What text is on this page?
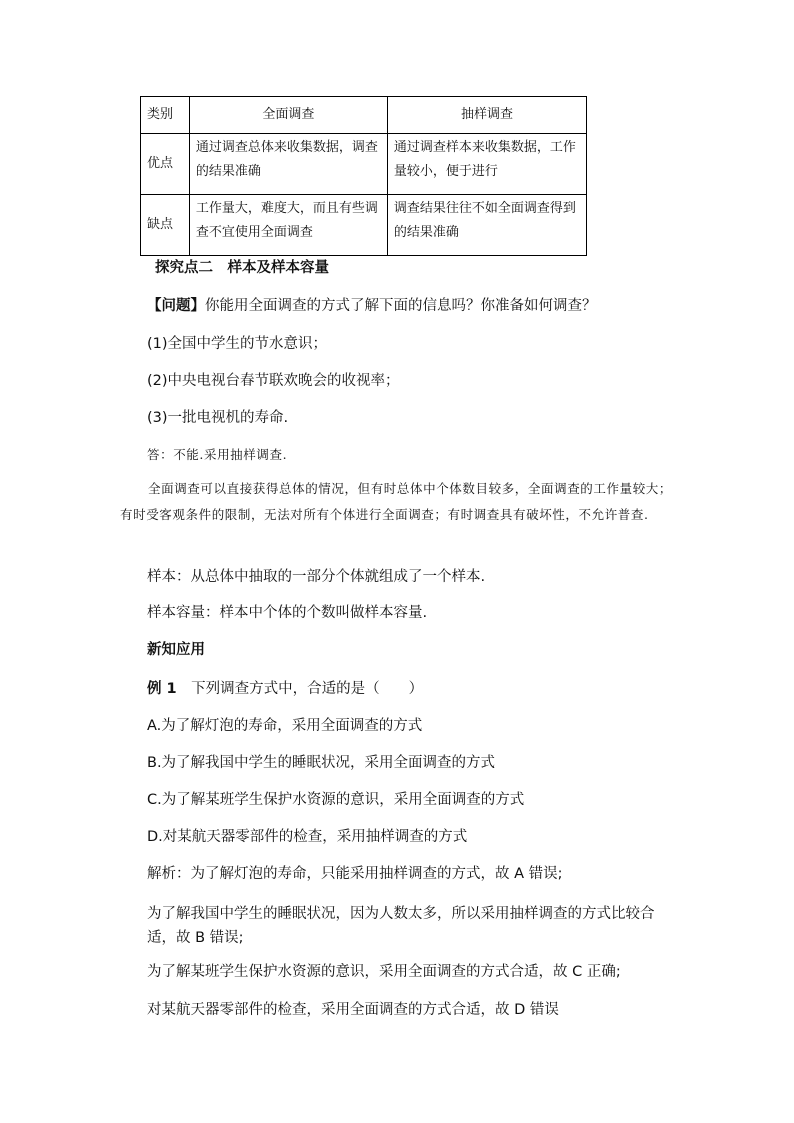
类别	全面调查	抽样调查
优点	通过调查总体来收集数据，调查的结果准确	通过调查样本来收集数据，工作量较小，便于进行
缺点	工作量大，难度大，而且有些调查不宜使用全面调查	调查结果往往不如全面调查得到的结果准确
探究点二　样本及样本容量
【问题】你能用全面调查的方式了解下面的信息吗？你准备如何调查？
(1)全国中学生的节水意识；
(2)中央电视台春节联欢晚会的收视率；
(3)一批电视机的寿命.
答：不能.采用抽样调查.
全面调查可以直接获得总体的情况，但有时总体中个体数目较多，全面调查的工作量较大；有时受客观条件的限制，无法对所有个体进行全面调查；有时调查具有破坏性，不允许普查.
样本：从总体中抽取的一部分个体就组成了一个样本.
样本容量：样本中个体的个数叫做样本容量.
新知应用
例 1　下列调查方式中，合适的是（　　）
A.为了解灯泡的寿命，采用全面调查的方式
B.为了解我国中学生的睡眠状况，采用全面调查的方式
C.为了解某班学生保护水资源的意识，采用全面调查的方式
D.对某航天器零部件的检查，采用抽样调查的方式
解析：为了解灯泡的寿命，只能采用抽样调查的方式，故 A 错误;
为了解我国中学生的睡眠状况，因为人数太多，所以采用抽样调查的方式比较合适，故 B 错误;
为了解某班学生保护水资源的意识，采用全面调查的方式合适，故 C 正确;
对某航天器零部件的检查，采用全面调查的方式合适，故 D 错误
